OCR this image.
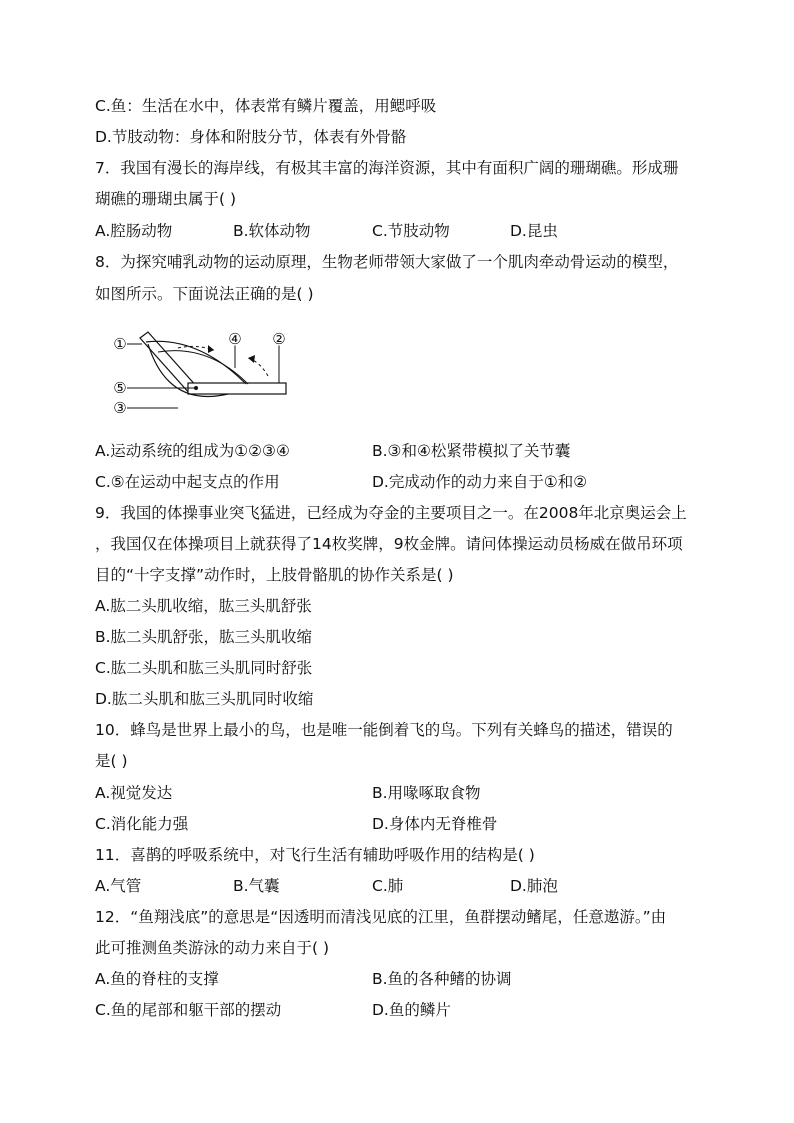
C.鱼：生活在水中，体表常有鳞片覆盖，用鳃呼吸
D.节肢动物：身体和附肢分节，体表有外骨骼
7．我国有漫长的海岸线，有极其丰富的海洋资源，其中有面积广阔的珊瑚礁。形成珊
瑚礁的珊瑚虫属于( )
A.腔肠动物	B.软体动物	C.节肢动物	D.昆虫
8．为探究哺乳动物的运动原理，生物老师带领大家做了一个肌肉牵动骨运动的模型，
如图所示。下面说法正确的是( )
①	④ ②
⑤
③
A.运动系统的组成为①②③④	B.③和④松紧带模拟了关节囊
C.⑤在运动中起支点的作用	D.完成动作的动力来自于①和②
9．我国的体操事业突飞猛进，已经成为夺金的主要项目之一。在2008年北京奥运会上
，我国仅在体操项目上就获得了14枚奖牌，9枚金牌。请问体操运动员杨威在做吊环项
目的“十字支撑”动作时，上肢骨骼肌的协作关系是( )
A.肱二头肌收缩，肱三头肌舒张
B.肱二头肌舒张，肱三头肌收缩
C.肱二头肌和肱三头肌同时舒张
D.肱二头肌和肱三头肌同时收缩
10．蜂鸟是世界上最小的鸟，也是唯一能倒着飞的鸟。下列有关蜂鸟的描述，错误的
是( )
A.视觉发达	B.用喙啄取食物
C.消化能力强	D.身体内无脊椎骨
11．喜鹊的呼吸系统中，对飞行生活有辅助呼吸作用的结构是( )
A.气管	B.气囊	C.肺	D.肺泡
12．“鱼翔浅底”的意思是“因透明而清浅见底的江里，鱼群摆动鳍尾，任意遨游。”由
此可推测鱼类游泳的动力来自于( )
A.鱼的脊柱的支撑	B.鱼的各种鳍的协调
C.鱼的尾部和躯干部的摆动	D.鱼的鳞片
